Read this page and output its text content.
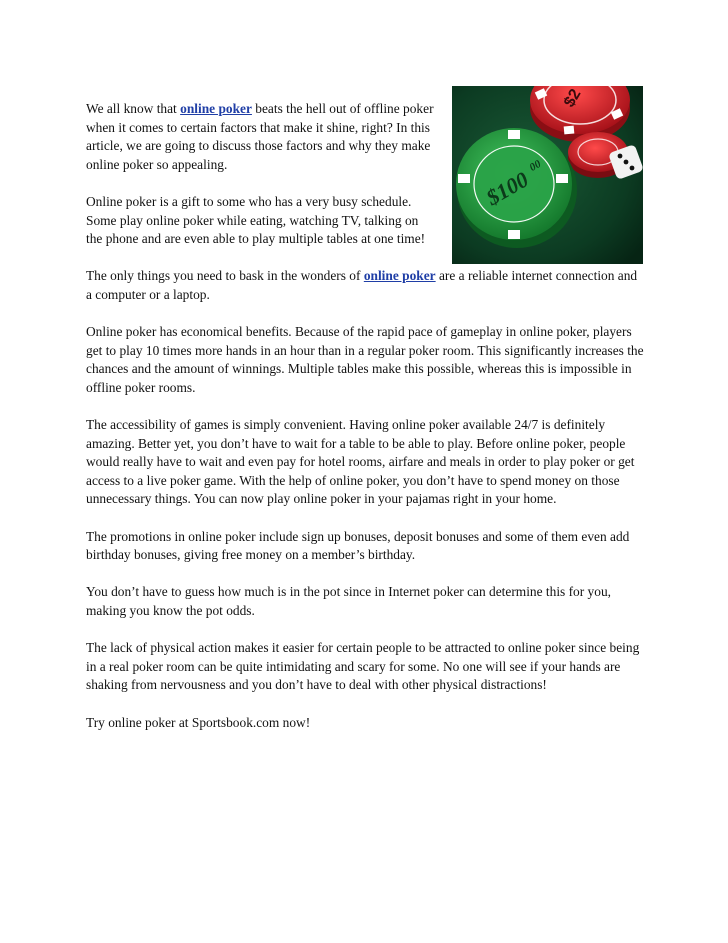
$2
$100
00

We all know that online poker beats the hell out of offline poker when it comes to certain factors that make it shine, right? In this article, we are going to discuss those factors and why they make online poker so appealing.

Online poker is a gift to some who has a very busy schedule. Some play online poker while eating, watching TV, talking on the phone and are even able to play multiple tables at one time!

The only things you need to bask in the wonders of online poker are a reliable internet connection and a computer or a laptop.

Online poker has economical benefits. Because of the rapid pace of gameplay in online poker, players get to play 10 times more hands in an hour than in a regular poker room. This significantly increases the chances and the amount of winnings. Multiple tables make this possible, whereas this is impossible in offline poker rooms.

The accessibility of games is simply convenient. Having online poker available 24/7 is definitely amazing. Better yet, you don’t have to wait for a table to be able to play. Before online poker, people would really have to wait and even pay for hotel rooms, airfare and meals in order to play poker or get access to a live poker game. With the help of online poker, you don’t have to spend money on those unnecessary things. You can now play online poker in your pajamas right in your home.

The promotions in online poker include sign up bonuses, deposit bonuses and some of them even add birthday bonuses, giving free money on a member’s birthday.

You don’t have to guess how much is in the pot since in Internet poker can determine this for you, making you know the pot odds.

The lack of physical action makes it easier for certain people to be attracted to online poker since being in a real poker room can be quite intimidating and scary for some. No one will see if your hands are shaking from nervousness and you don’t have to deal with other physical distractions!

Try online poker at Sportsbook.com now!
